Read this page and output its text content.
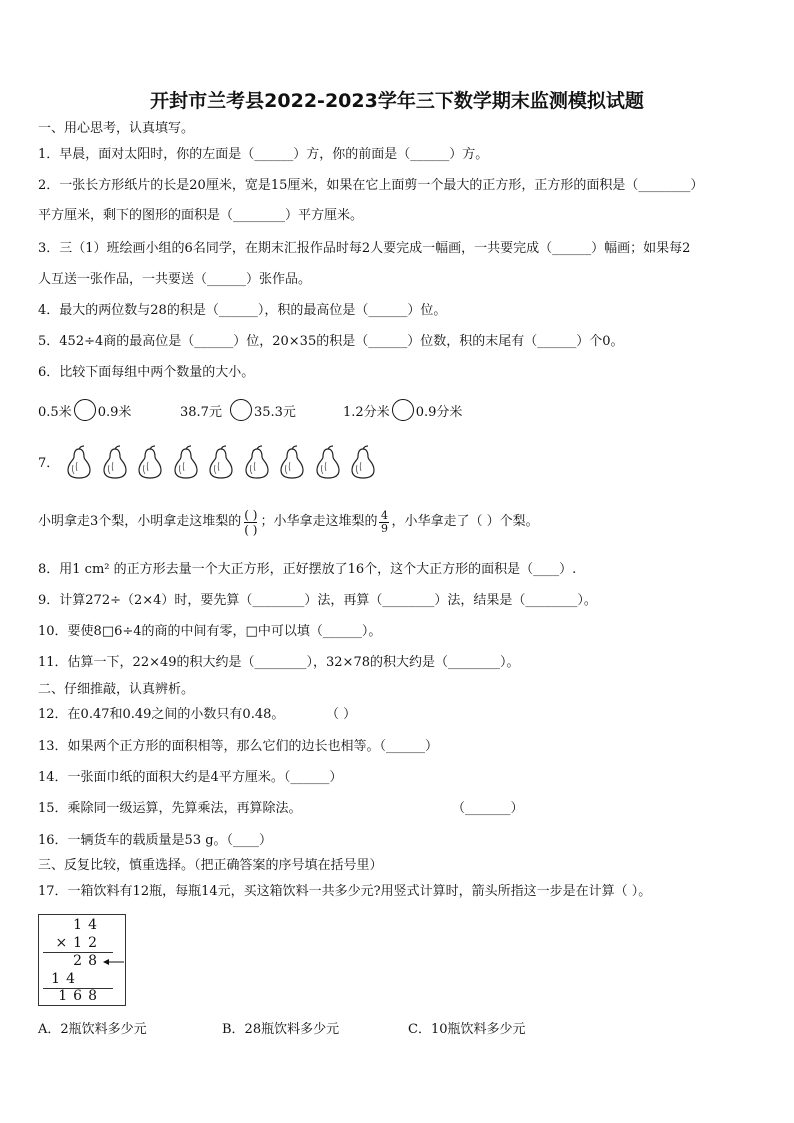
开封市兰考县2022-2023学年三下数学期末监测模拟试题
一、用心思考，认真填写。
1．早晨，面对太阳时，你的左面是（______）方，你的前面是（______）方。
2．一张长方形纸片的长是20厘米，宽是15厘米，如果在它上面剪一个最大的正方形，正方形的面积是（________）
平方厘米，剩下的图形的面积是（________）平方厘米。
3．三（1）班绘画小组的6名同学，在期末汇报作品时每2人要完成一幅画，一共要完成（______）幅画；如果每2
人互送一张作品，一共要送（______）张作品。
4．最大的两位数与28的积是（______），积的最高位是（______）位。
5．452÷4商的最高位是（______）位，20×35的积是（______）位数，积的末尾有（______）个0。
6．比较下面每组中两个数量的大小。
0.5米 0.9米	38.7元 35.3元	1.2分米 0.9分米
7．
小明拿走3个梨，小明拿走这堆梨的 $\frac{( )}{( )}$ ；小华拿走这堆梨的 4
9 ，小华拿走了（ ）个梨。
8．用1 cm² 的正方形去量一个大正方形，正好摆放了16个，这个大正方形的面积是（____）.
9．计算272÷（2×4）时，要先算（________）法，再算（________）法，结果是（________）。
10．要使8□6÷4的商的中间有零，□中可以填（______）。
11．估算一下，22×49的积大约是（________），32×78的积大约是（________）。
二、仔细推敲，认真辨析。
12．在0.47和0.49之间的小数只有0.48。	（ ）
13．如果两个正方形的面积相等，那么它们的边长也相等。（______）
14．一张面巾纸的面积大约是4平方厘米。（______）
15．乘除同一级运算，先算乘法，再算除法。	（_______）
16．一辆货车的载质量是53 g。（____）
三、反复比较，慎重选择。（把正确答案的序号填在括号里）
17．一箱饮料有12瓶，每瓶14元，买这箱饮料一共多少元?用竖式计算时，箭头所指这一步是在计算（ ）。
14
×12
28
14
168
A．2瓶饮料多少元	B．28瓶饮料多少元	C．10瓶饮料多少元
